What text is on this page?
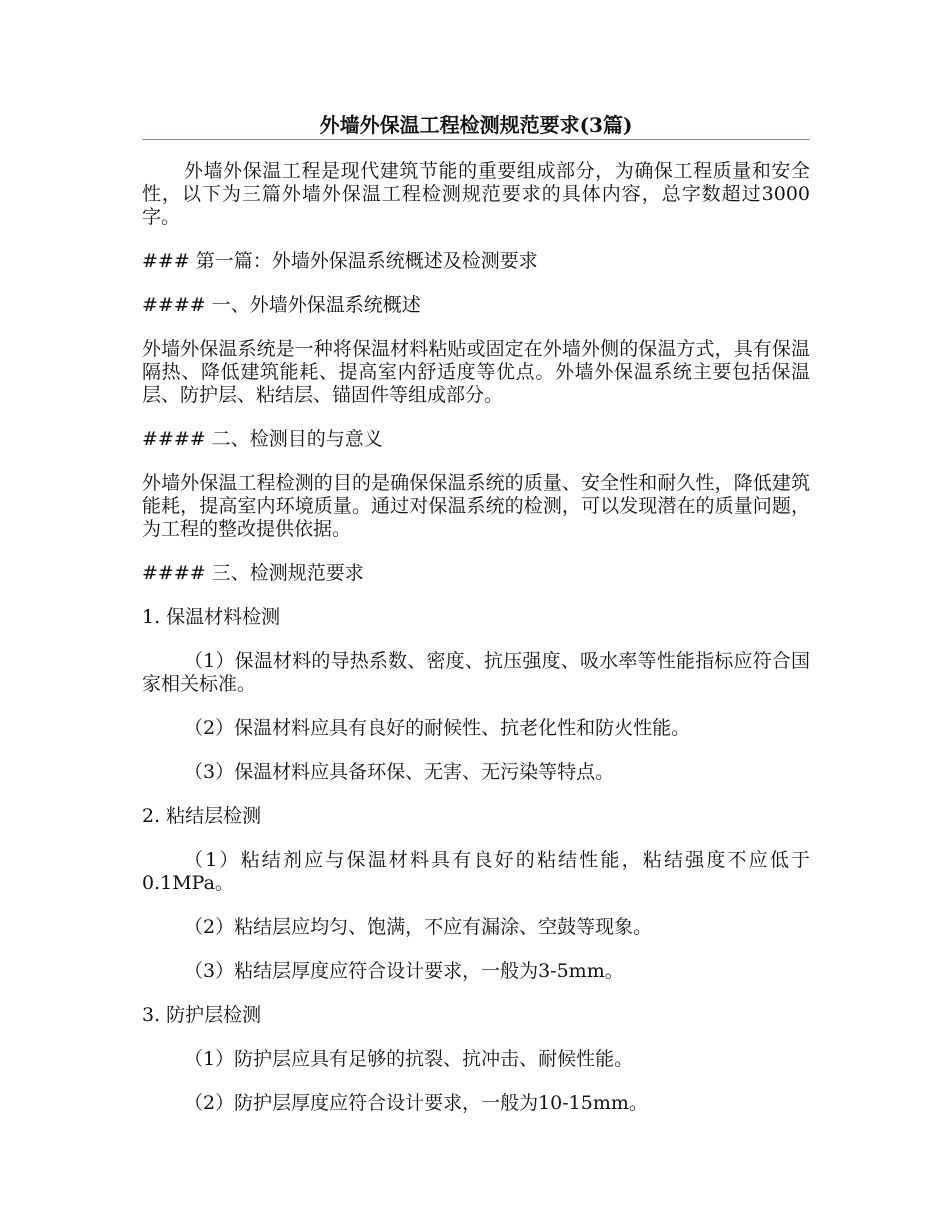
外墙外保温工程检测规范要求(3篇)

外墙外保温工程是现代建筑节能的重要组成部分，为确保工程质量和安全性，以下为三篇外墙外保温工程检测规范要求的具体内容，总字数超过3000字。

### 第一篇：外墙外保温系统概述及检测要求
#### 一、外墙外保温系统概述

外墙外保温系统是一种将保温材料粘贴或固定在外墙外侧的保温方式，具有保温隔热、降低建筑能耗、提高室内舒适度等优点。外墙外保温系统主要包括保温层、防护层、粘结层、锚固件等组成部分。

#### 二、检测目的与意义

外墙外保温工程检测的目的是确保保温系统的质量、安全性和耐久性，降低建筑能耗，提高室内环境质量。通过对保温系统的检测，可以发现潜在的质量问题，为工程的整改提供依据。

#### 三、检测规范要求
1. 保温材料检测

（1）保温材料的导热系数、密度、抗压强度、吸水率等性能指标应符合国家相关标准。

（2）保温材料应具有良好的耐候性、抗老化性和防火性能。

（3）保温材料应具备环保、无害、无污染等特点。

2. 粘结层检测

（1）粘结剂应与保温材料具有良好的粘结性能，粘结强度不应低于0.1MPa。

（2）粘结层应均匀、饱满，不应有漏涂、空鼓等现象。

（3）粘结层厚度应符合设计要求，一般为3-5mm。

3. 防护层检测

（1）防护层应具有足够的抗裂、抗冲击、耐候性能。

（2）防护层厚度应符合设计要求，一般为10-15mm。
